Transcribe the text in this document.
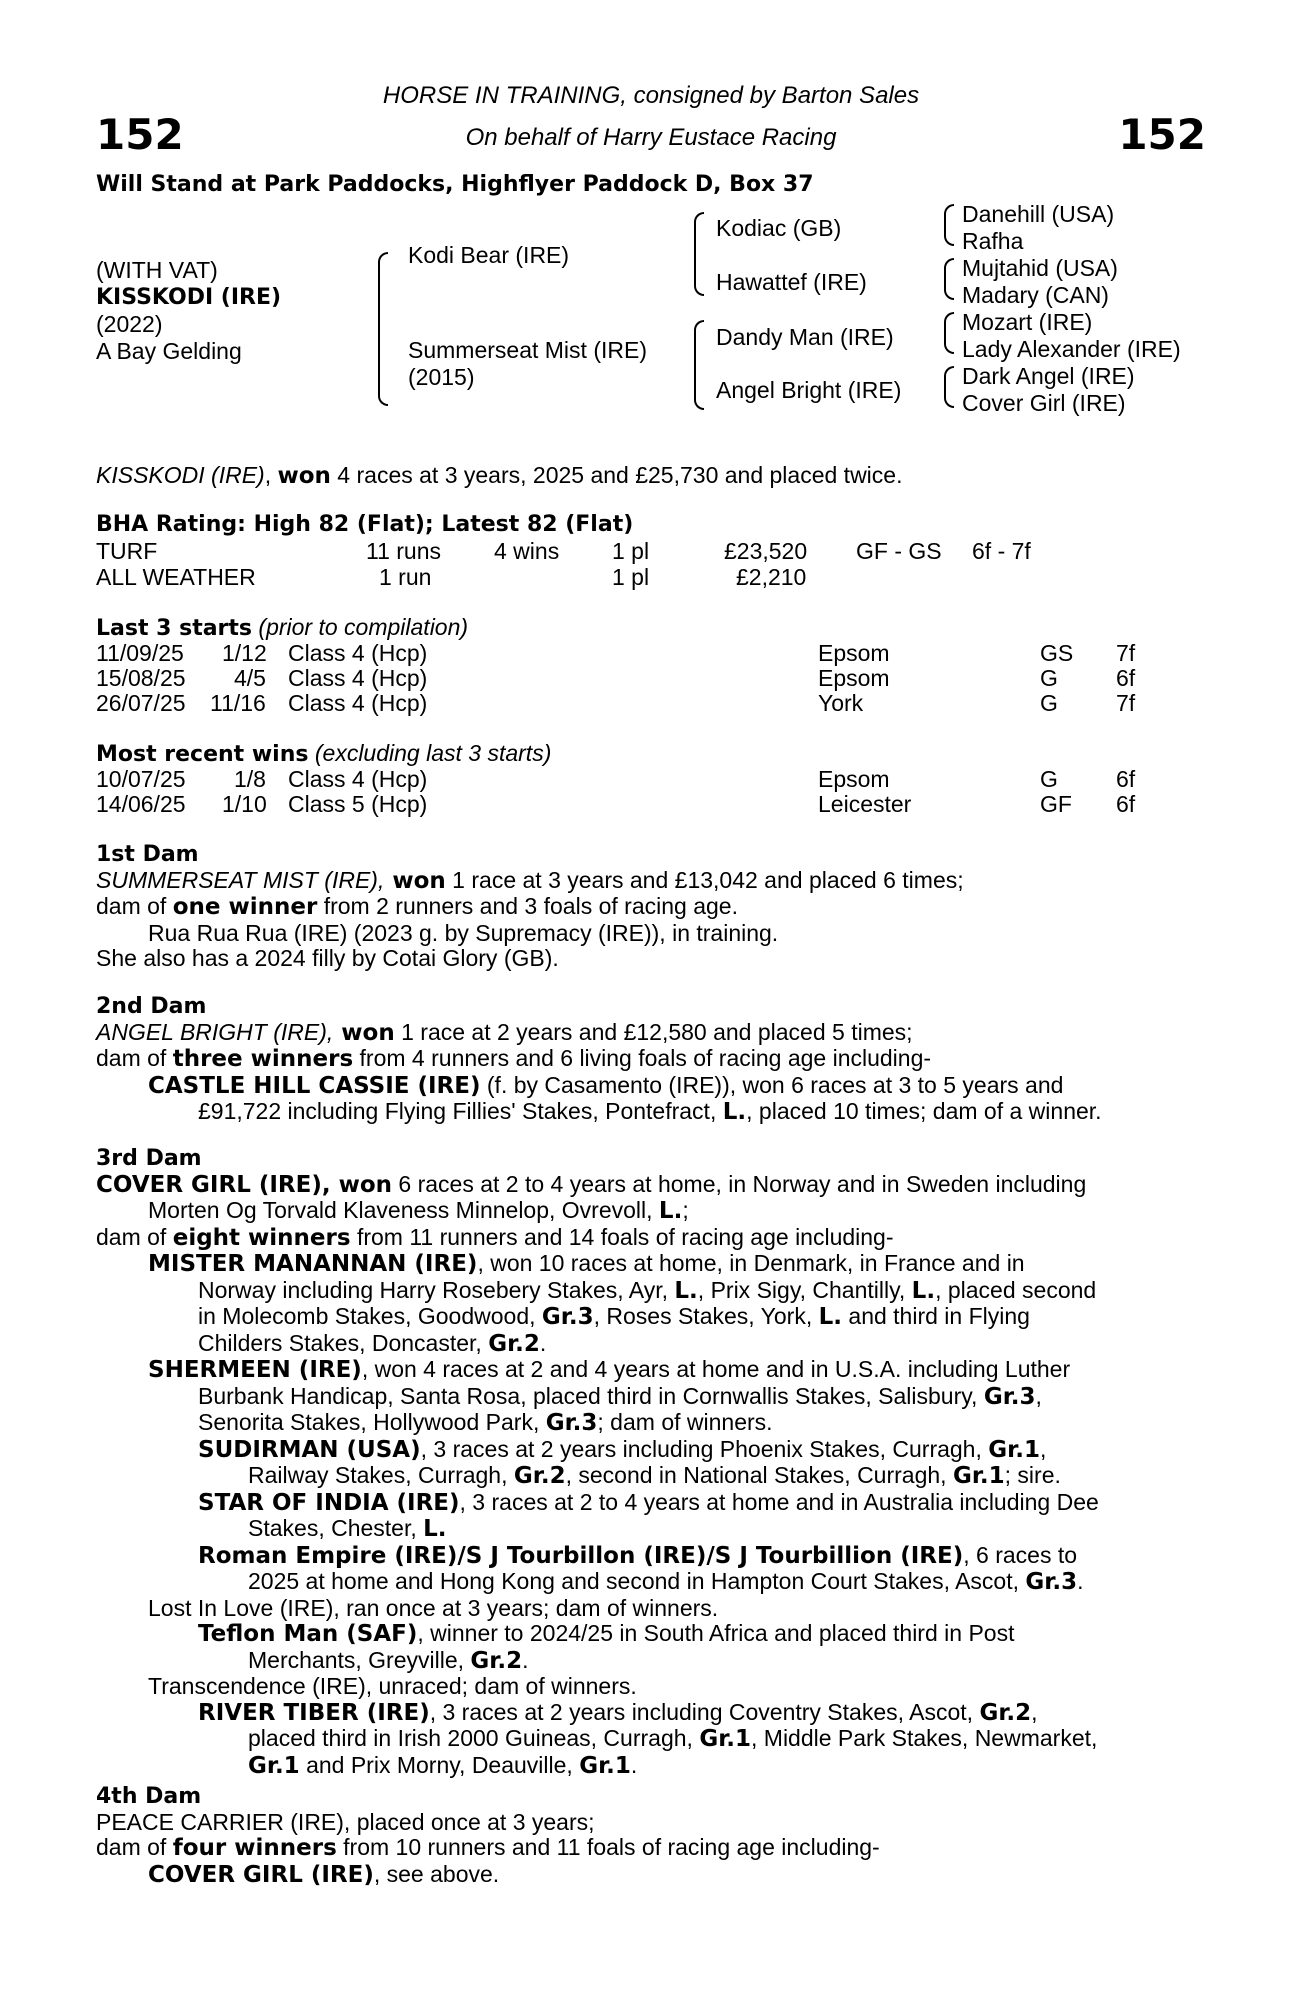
152	152
HORSE IN TRAINING, consigned by Barton Sales
On behalf of Harry Eustace Racing
Will Stand at Park Paddocks, Highflyer Paddock D, Box 37
(WITH VAT)
KISSKODI (IRE)
(2022)
A Bay Gelding
Kodi Bear (IRE)
Summerseat Mist (IRE)
(2015)
Kodiac (GB)
Hawattef (IRE)
Dandy Man (IRE)
Angel Bright (IRE)
Danehill (USA)
Rafha
Mujtahid (USA)
Madary (CAN)
Mozart (IRE)
Lady Alexander (IRE)
Dark Angel (IRE)
Cover Girl (IRE)
KISSKODI (IRE), won 4 races at 3 years, 2025 and £25,730 and placed twice.
BHA Rating: High 82 (Flat); Latest 82 (Flat)
TURF	11 runs 4 wins 1 pl	£23,520 GF - GS 6f - 7f
ALL WEATHER	1 run	1 pl	£2,210
Last 3 starts (prior to compilation)
11/09/25 1/12 Class 4 (Hcp)	Epsom	GS 7f
15/08/25 4/5 Class 4 (Hcp)	Epsom	G	6f
26/07/25 11/16 Class 4 (Hcp)	York	G	7f
Most recent wins (excluding last 3 starts)
10/07/25 1/8 Class 4 (Hcp)	Epsom	G	6f
14/06/25 1/10 Class 5 (Hcp)	Leicester	GF 6f
1st Dam
SUMMERSEAT MIST (IRE), won 1 race at 3 years and £13,042 and placed 6 times;
dam of one winner from 2 runners and 3 foals of racing age.
Rua Rua Rua (IRE) (2023 g. by Supremacy (IRE)), in training.
She also has a 2024 filly by Cotai Glory (GB).
2nd Dam
ANGEL BRIGHT (IRE), won 1 race at 2 years and £12,580 and placed 5 times;
dam of three winners from 4 runners and 6 living foals of racing age including-
CASTLE HILL CASSIE (IRE) (f. by Casamento (IRE)), won 6 races at 3 to 5 years and
£91,722 including Flying Fillies' Stakes, Pontefract, L., placed 10 times; dam of a winner.
3rd Dam
COVER GIRL (IRE), won 6 races at 2 to 4 years at home, in Norway and in Sweden including
Morten Og Torvald Klaveness Minnelop, Ovrevoll, L.;
dam of eight winners from 11 runners and 14 foals of racing age including-
MISTER MANANNAN (IRE), won 10 races at home, in Denmark, in France and in
Norway including Harry Rosebery Stakes, Ayr, L., Prix Sigy, Chantilly, L., placed second
in Molecomb Stakes, Goodwood, Gr.3, Roses Stakes, York, L. and third in Flying
Childers Stakes, Doncaster, Gr.2.
SHERMEEN (IRE), won 4 races at 2 and 4 years at home and in U.S.A. including Luther
Burbank Handicap, Santa Rosa, placed third in Cornwallis Stakes, Salisbury, Gr.3,
Senorita Stakes, Hollywood Park, Gr.3; dam of winners.
SUDIRMAN (USA), 3 races at 2 years including Phoenix Stakes, Curragh, Gr.1,
Railway Stakes, Curragh, Gr.2, second in National Stakes, Curragh, Gr.1; sire.
STAR OF INDIA (IRE), 3 races at 2 to 4 years at home and in Australia including Dee
Stakes, Chester, L.
Roman Empire (IRE)/S J Tourbillon (IRE)/S J Tourbillion (IRE), 6 races to
2025 at home and Hong Kong and second in Hampton Court Stakes, Ascot, Gr.3.
Lost In Love (IRE), ran once at 3 years; dam of winners.
Teflon Man (SAF), winner to 2024/25 in South Africa and placed third in Post
Merchants, Greyville, Gr.2.
Transcendence (IRE), unraced; dam of winners.
RIVER TIBER (IRE), 3 races at 2 years including Coventry Stakes, Ascot, Gr.2,
placed third in Irish 2000 Guineas, Curragh, Gr.1, Middle Park Stakes, Newmarket,
Gr.1 and Prix Morny, Deauville, Gr.1.
4th Dam
PEACE CARRIER (IRE), placed once at 3 years;
dam of four winners from 10 runners and 11 foals of racing age including-
COVER GIRL (IRE), see above.
